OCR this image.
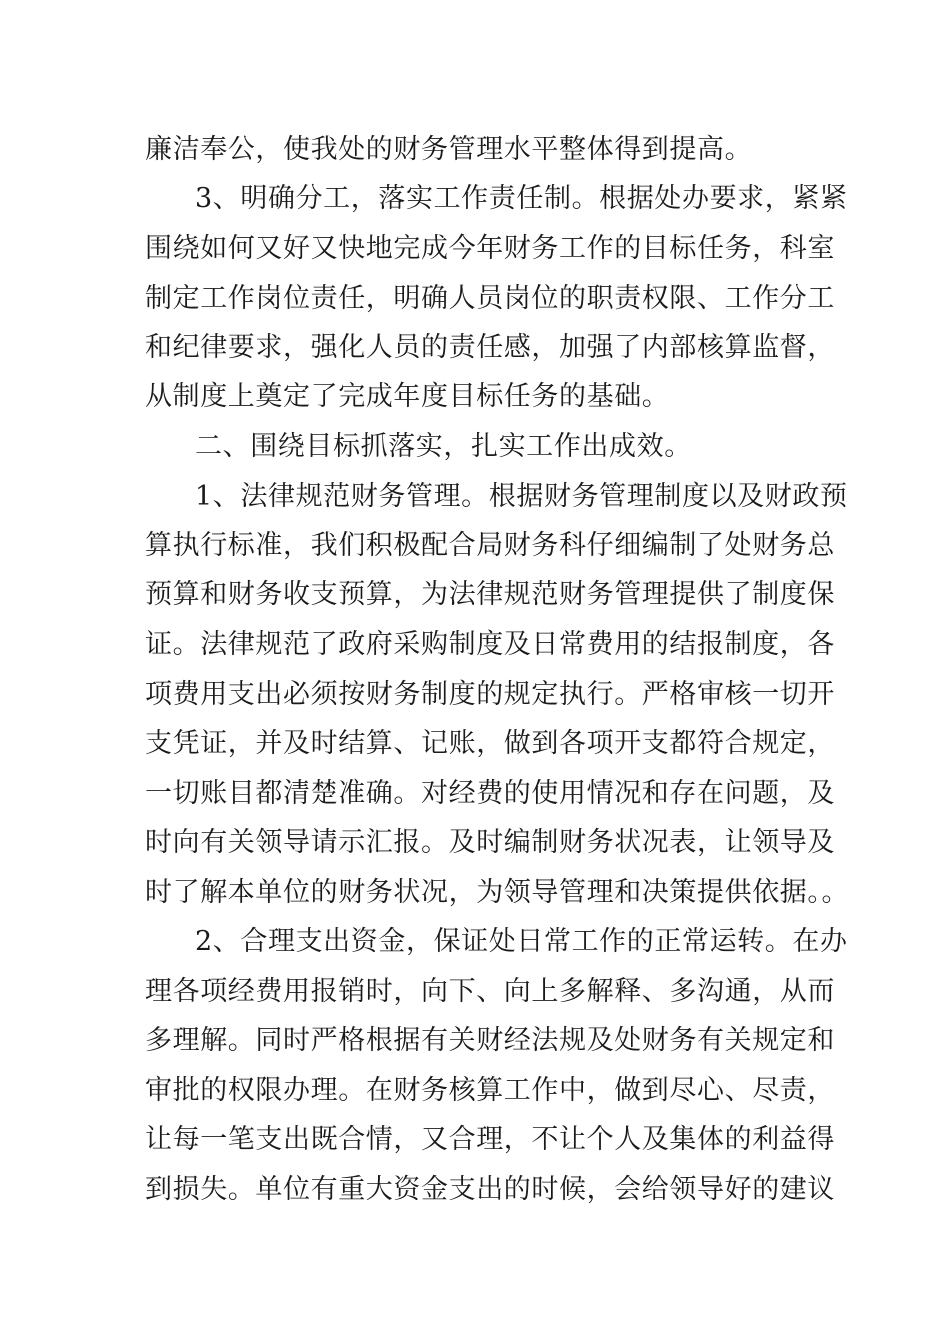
廉洁奉公，使我处的财务管理水平整体得到提高。
3、明确分工，落实工作责任制。根据处办要求，紧紧
围绕如何又好又快地完成今年财务工作的目标任务，科室
制定工作岗位责任，明确人员岗位的职责权限、工作分工
和纪律要求，强化人员的责任感，加强了内部核算监督，
从制度上奠定了完成年度目标任务的基础。
二、围绕目标抓落实，扎实工作出成效。
1、法律规范财务管理。根据财务管理制度以及财政预
算执行标准，我们积极配合局财务科仔细编制了处财务总
预算和财务收支预算，为法律规范财务管理提供了制度保
证。法律规范了政府采购制度及日常费用的结报制度，各
项费用支出必须按财务制度的规定执行。严格审核一切开
支凭证，并及时结算、记账，做到各项开支都符合规定，
一切账目都清楚准确。对经费的使用情况和存在问题，及
时向有关领导请示汇报。及时编制财务状况表，让领导及
时了解本单位的财务状况，为领导管理和决策提供依据。。
2、合理支出资金，保证处日常工作的正常运转。在办
理各项经费用报销时，向下、向上多解释、多沟通，从而
多理解。同时严格根据有关财经法规及处财务有关规定和
审批的权限办理。在财务核算工作中，做到尽心、尽责，
让每一笔支出既合情，又合理，不让个人及集体的利益得
到损失。单位有重大资金支出的时候，会给领导好的建议
